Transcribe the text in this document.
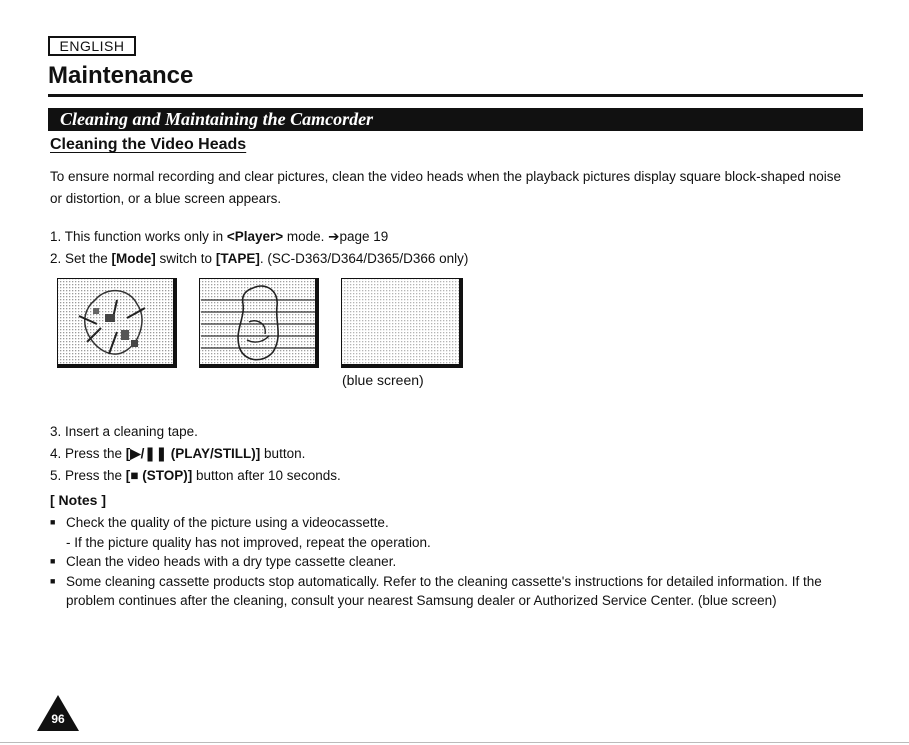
ENGLISH
Maintenance
Cleaning and Maintaining the Camcorder
Cleaning the Video Heads
To ensure normal recording and clear pictures, clean the video heads when the playback pictures display square block-shaped noise or distortion, or a blue screen appears.
1. This function works only in <Player> mode. ➔page 19
2. Set the [Mode] switch to [TAPE]. (SC-D363/D364/D365/D366 only)
(blue screen)
3. Insert a cleaning tape.
4. Press the [▶/❚❚ (PLAY/STILL)] button.
5. Press the [■ (STOP)] button after 10 seconds.
[ Notes ]
■ Check the quality of the picture using a videocassette.
- If the picture quality has not improved, repeat the operation.
■ Clean the video heads with a dry type cassette cleaner.
■ Some cleaning cassette products stop automatically. Refer to the cleaning cassette's instructions for detailed information. If the problem continues after the cleaning, consult your nearest Samsung dealer or Authorized Service Center. (blue screen)
96
